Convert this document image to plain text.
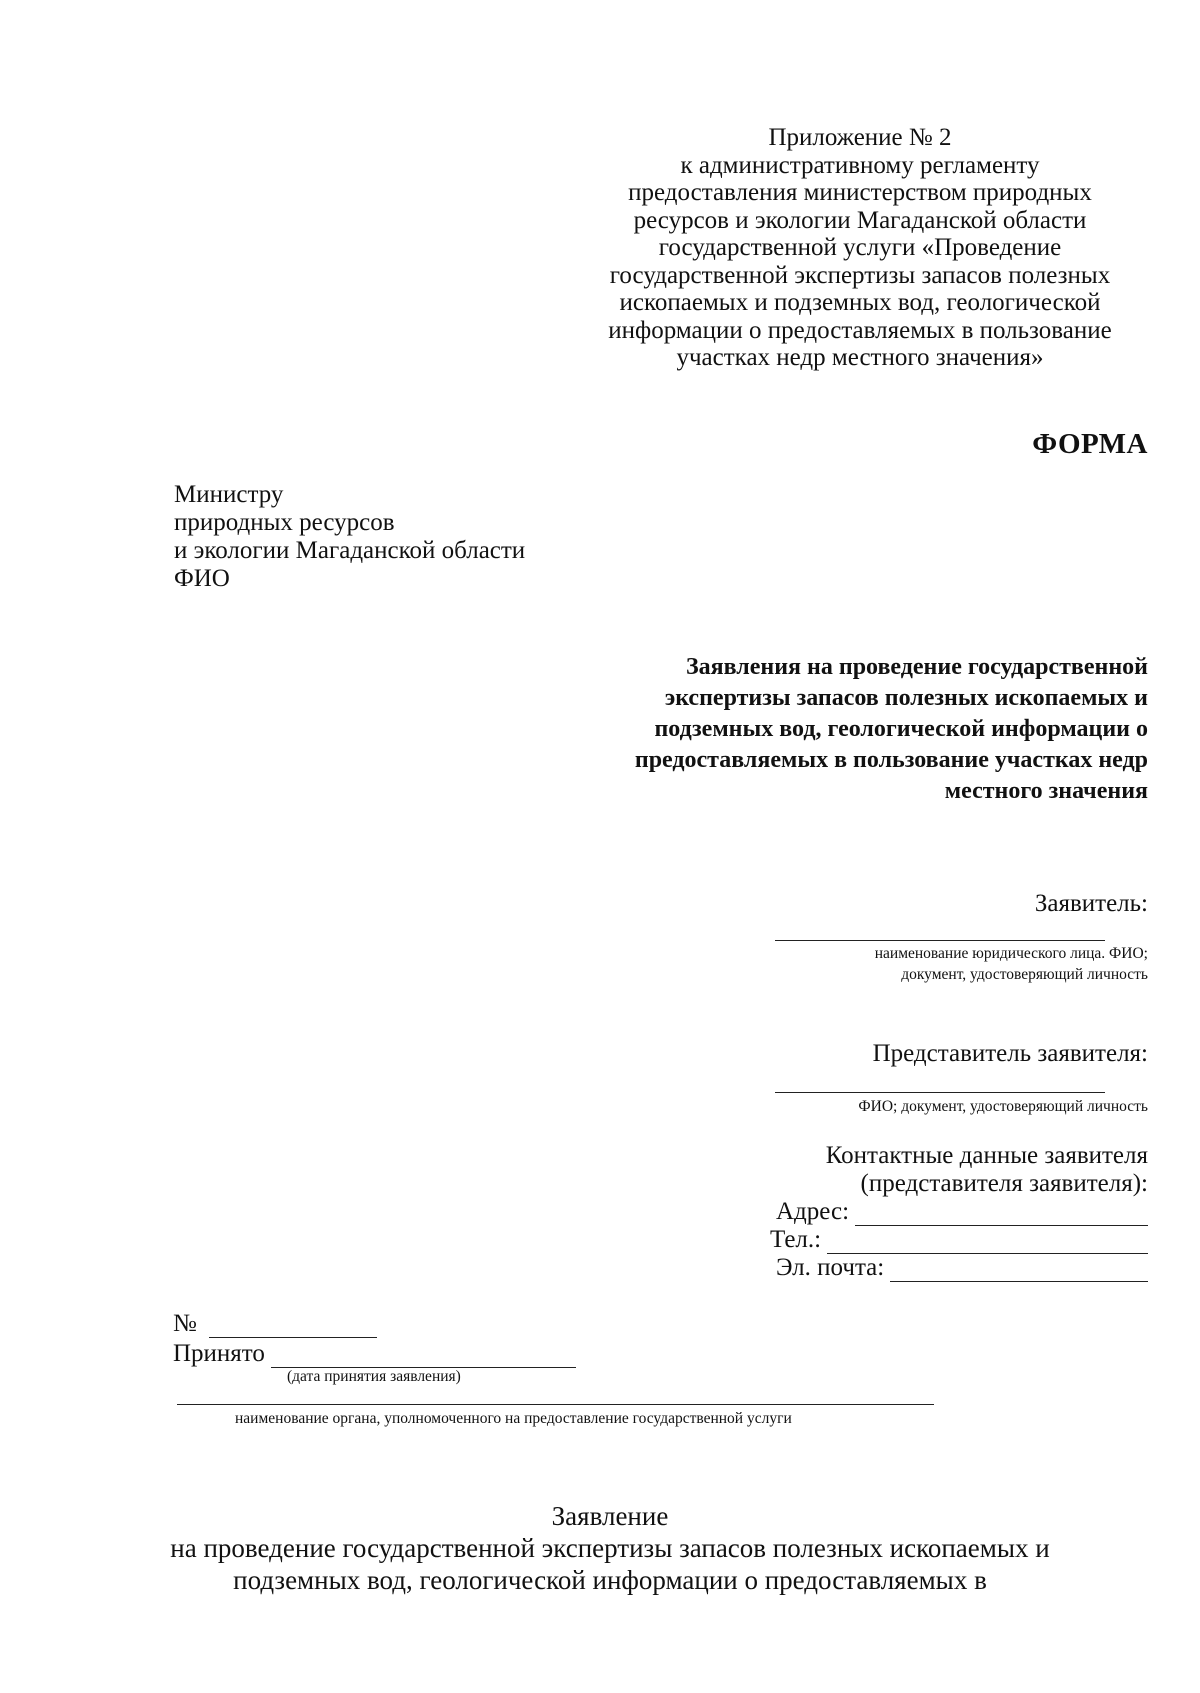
Приложение № 2
к административному регламенту
предоставления министерством природных
ресурсов и экологии Магаданской области
государственной услуги «Проведение
государственной экспертизы запасов полезных
ископаемых и подземных вод, геологической
информации о предоставляемых в пользование
участках недр местного значения»
ФОРМА
Министру
природных ресурсов
и экологии Магаданской области
ФИО
Заявления на проведение государственной
экспертизы запасов полезных ископаемых и
подземных вод, геологической информации о
предоставляемых в пользование участках недр
местного значения
Заявитель:
наименование юридического лица. ФИО;
документ, удостоверяющий личность
Представитель заявителя:
ФИО; документ, удостоверяющий личность
Контактные данные заявителя
(представителя заявителя):
Адрес:
Тел.:
Эл. почта:
№
Принято
(дата принятия заявления)
наименование органа, уполномоченного на предоставление государственной услуги
Заявление
на проведение государственной экспертизы запасов полезных ископаемых и
подземных вод, геологической информации о предоставляемых в
